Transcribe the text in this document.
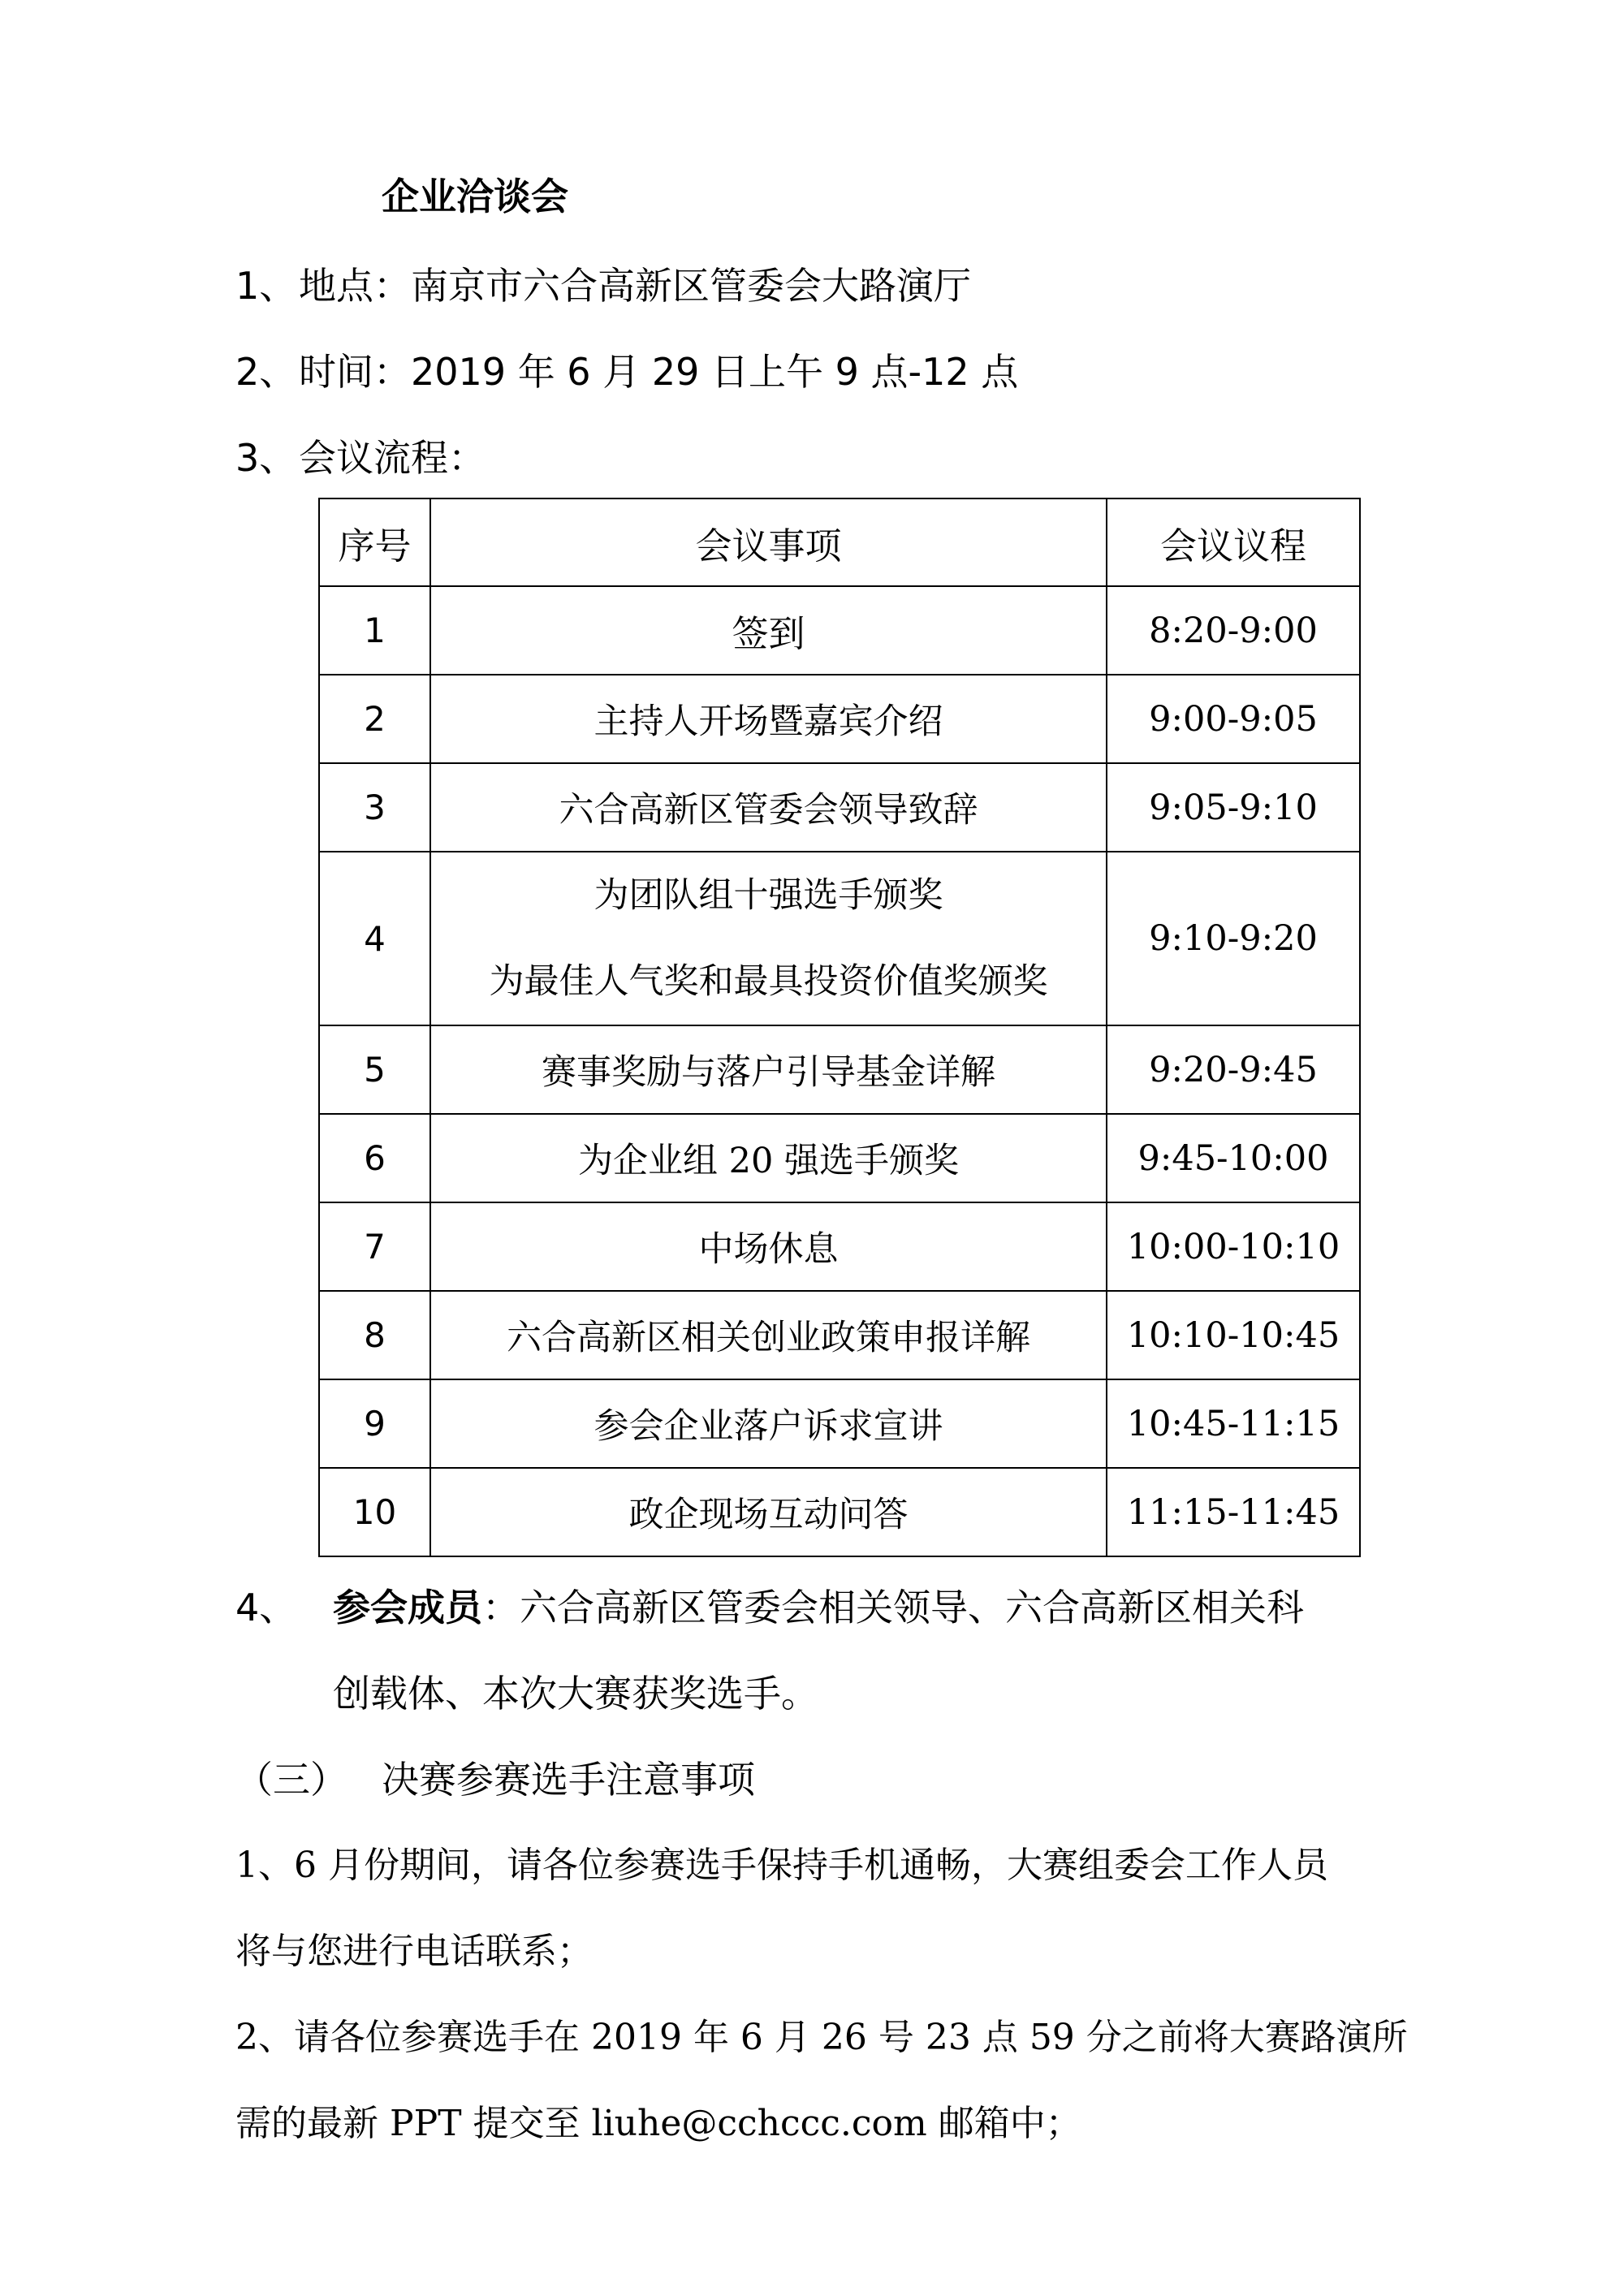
企业洽谈会
1、 地点：南京市六合高新区管委会大路演厅
2、 时间：2019 年 6 月 29 日上午 9 点-12 点
3、 会议流程：
序号	会议事项	会议议程
1	签到	8:20-9:00
2	主持人开场暨嘉宾介绍	9:00-9:05
3	六合高新区管委会领导致辞	9:05-9:10
4	为团队组十强选手颁奖
为最佳人气奖和最具投资价值奖颁奖	9:10-9:20
5	赛事奖励与落户引导基金详解	9:20-9:45
6	为企业组 20 强选手颁奖	9:45-10:00
7	中场休息	10:00-10:10
8	六合高新区相关创业政策申报详解	10:10-10:45
9	参会企业落户诉求宣讲	10:45-11:15
10	政企现场互动问答	11:15-11:45
4、 参会成员：六合高新区管委会相关领导、六合高新区相关科
创载体、本次大赛获奖选手。
（三） 决赛参赛选手注意事项
1、6 月份期间，请各位参赛选手保持手机通畅，大赛组委会工作人员
将与您进行电话联系；
2、请各位参赛选手在 2019 年 6 月 26 号 23 点 59 分之前将大赛路演所
需的最新 PPT 提交至 liuhe@cchccc.com 邮箱中；
